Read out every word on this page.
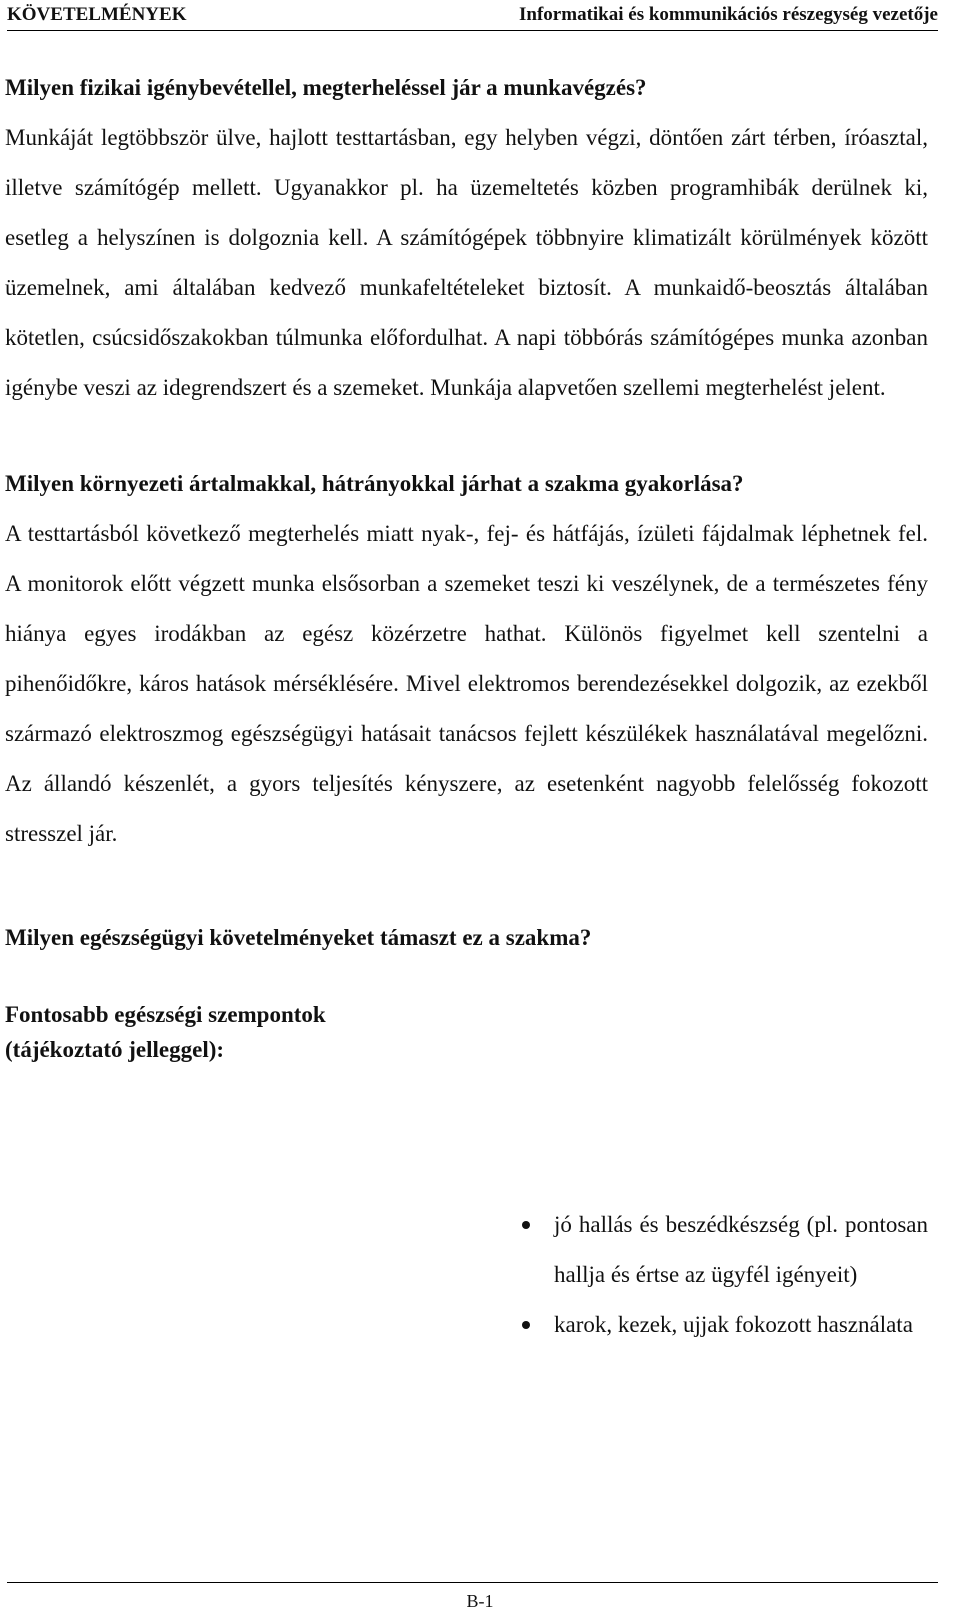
KÖVETELMÉNYEK	Informatikai és kommunikációs részegység vezetője
Milyen fizikai igénybevétellel, megterheléssel jár a munkavégzés?

Munkáját legtöbbször ülve, hajlott testtartásban, egy helyben végzi, döntően zárt térben, íróasztal, illetve számítógép mellett. Ugyanakkor pl. ha üzemeltetés közben programhibák derülnek ki, esetleg a helyszínen is dolgoznia kell. A számítógépek többnyire klimatizált körülmények között üzemelnek, ami általában kedvező munkafeltételeket biztosít. A munkaidő-beosztás általában kötetlen, csúcsidőszakokban túlmunka előfordulhat. A napi többórás számítógépes munka azonban igénybe veszi az idegrendszert és a szemeket. Munkája alapvetően szellemi megterhelést jelent.

Milyen környezeti ártalmakkal, hátrányokkal járhat a szakma gyakorlása?

A testtartásból következő megterhelés miatt nyak-, fej- és hátfájás, ízületi fájdalmak léphetnek fel. A monitorok előtt végzett munka elsősorban a szemeket teszi ki veszélynek, de a természetes fény hiánya egyes irodákban az egész közérzetre hathat. Különös figyelmet kell szentelni a pihenőidőkre, káros hatások mérséklésére. Mivel elektromos berendezésekkel dolgozik, az ezekből származó elektroszmog egészségügyi hatásait tanácsos fejlett készülékek használatával megelőzni. Az állandó készenlét, a gyors teljesítés kényszere, az esetenként nagyobb felelősség fokozott stresszel jár.

Milyen egészségügyi követelményeket támaszt ez a szakma?
Fontosabb egészségi szempontok (tájékoztató jelleggel):
jó hallás és beszédkészség (pl. pontosan hallja és értse az ügyfél igényeit)
karok, kezek, ujjak fokozott használata
B-1
